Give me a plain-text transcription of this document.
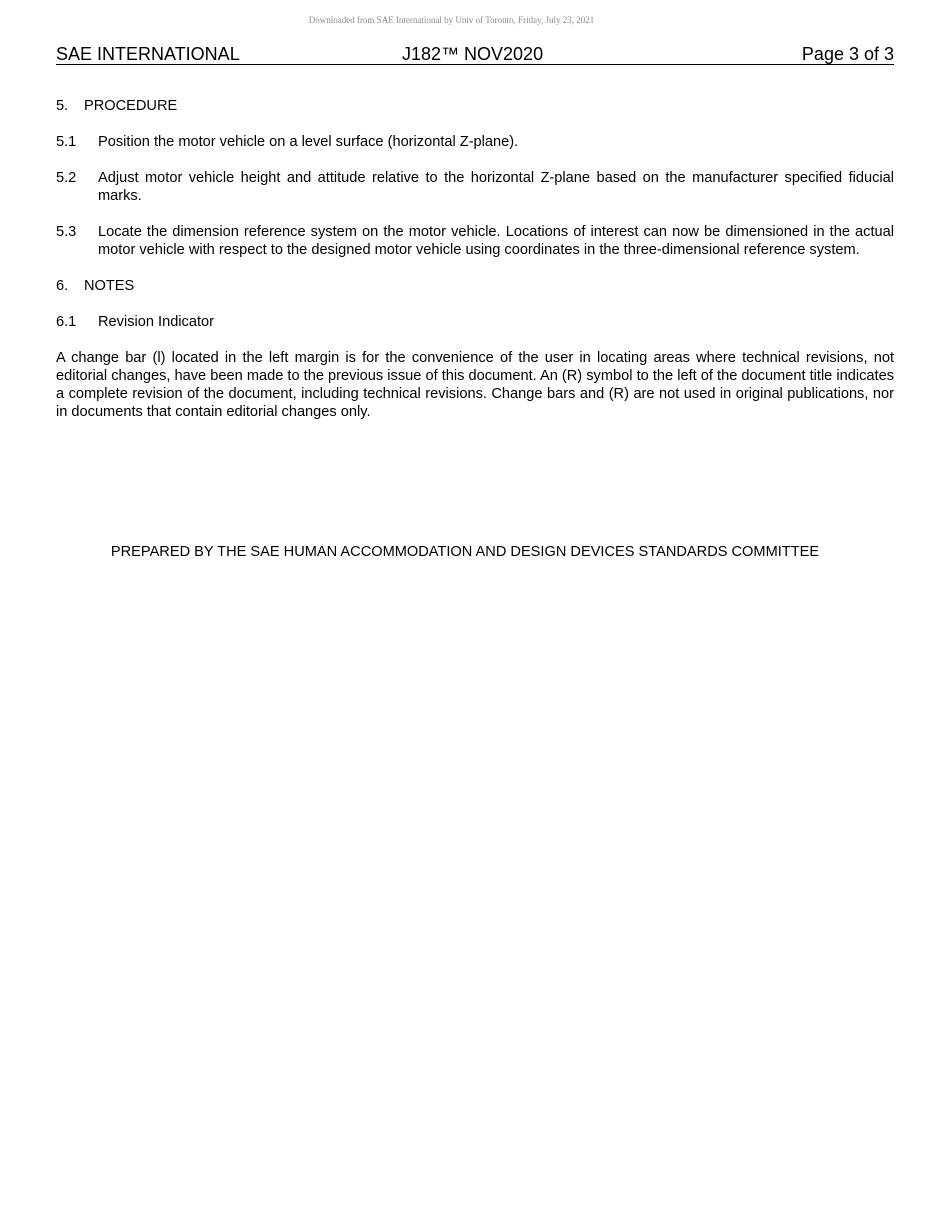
Downloaded from SAE International by Univ of Toronto, Friday, July 23, 2021
SAE INTERNATIONAL	J182™ NOV2020	Page 3 of 3
5. PROCEDURE
5.1	Position the motor vehicle on a level surface (horizontal Z-plane).
5.2	Adjust motor vehicle height and attitude relative to the horizontal Z-plane based on the manufacturer specified fiducial marks.
5.3	Locate the dimension reference system on the motor vehicle. Locations of interest can now be dimensioned in the actual motor vehicle with respect to the designed motor vehicle using coordinates in the three-dimensional reference system.
6. NOTES
6.1	Revision Indicator

A change bar (l) located in the left margin is for the convenience of the user in locating areas where technical revisions, not editorial changes, have been made to the previous issue of this document. An (R) symbol to the left of the document title indicates a complete revision of the document, including technical revisions. Change bars and (R) are not used in original publications, nor in documents that contain editorial changes only.

PREPARED BY THE SAE HUMAN ACCOMMODATION AND DESIGN DEVICES STANDARDS COMMITTEE
